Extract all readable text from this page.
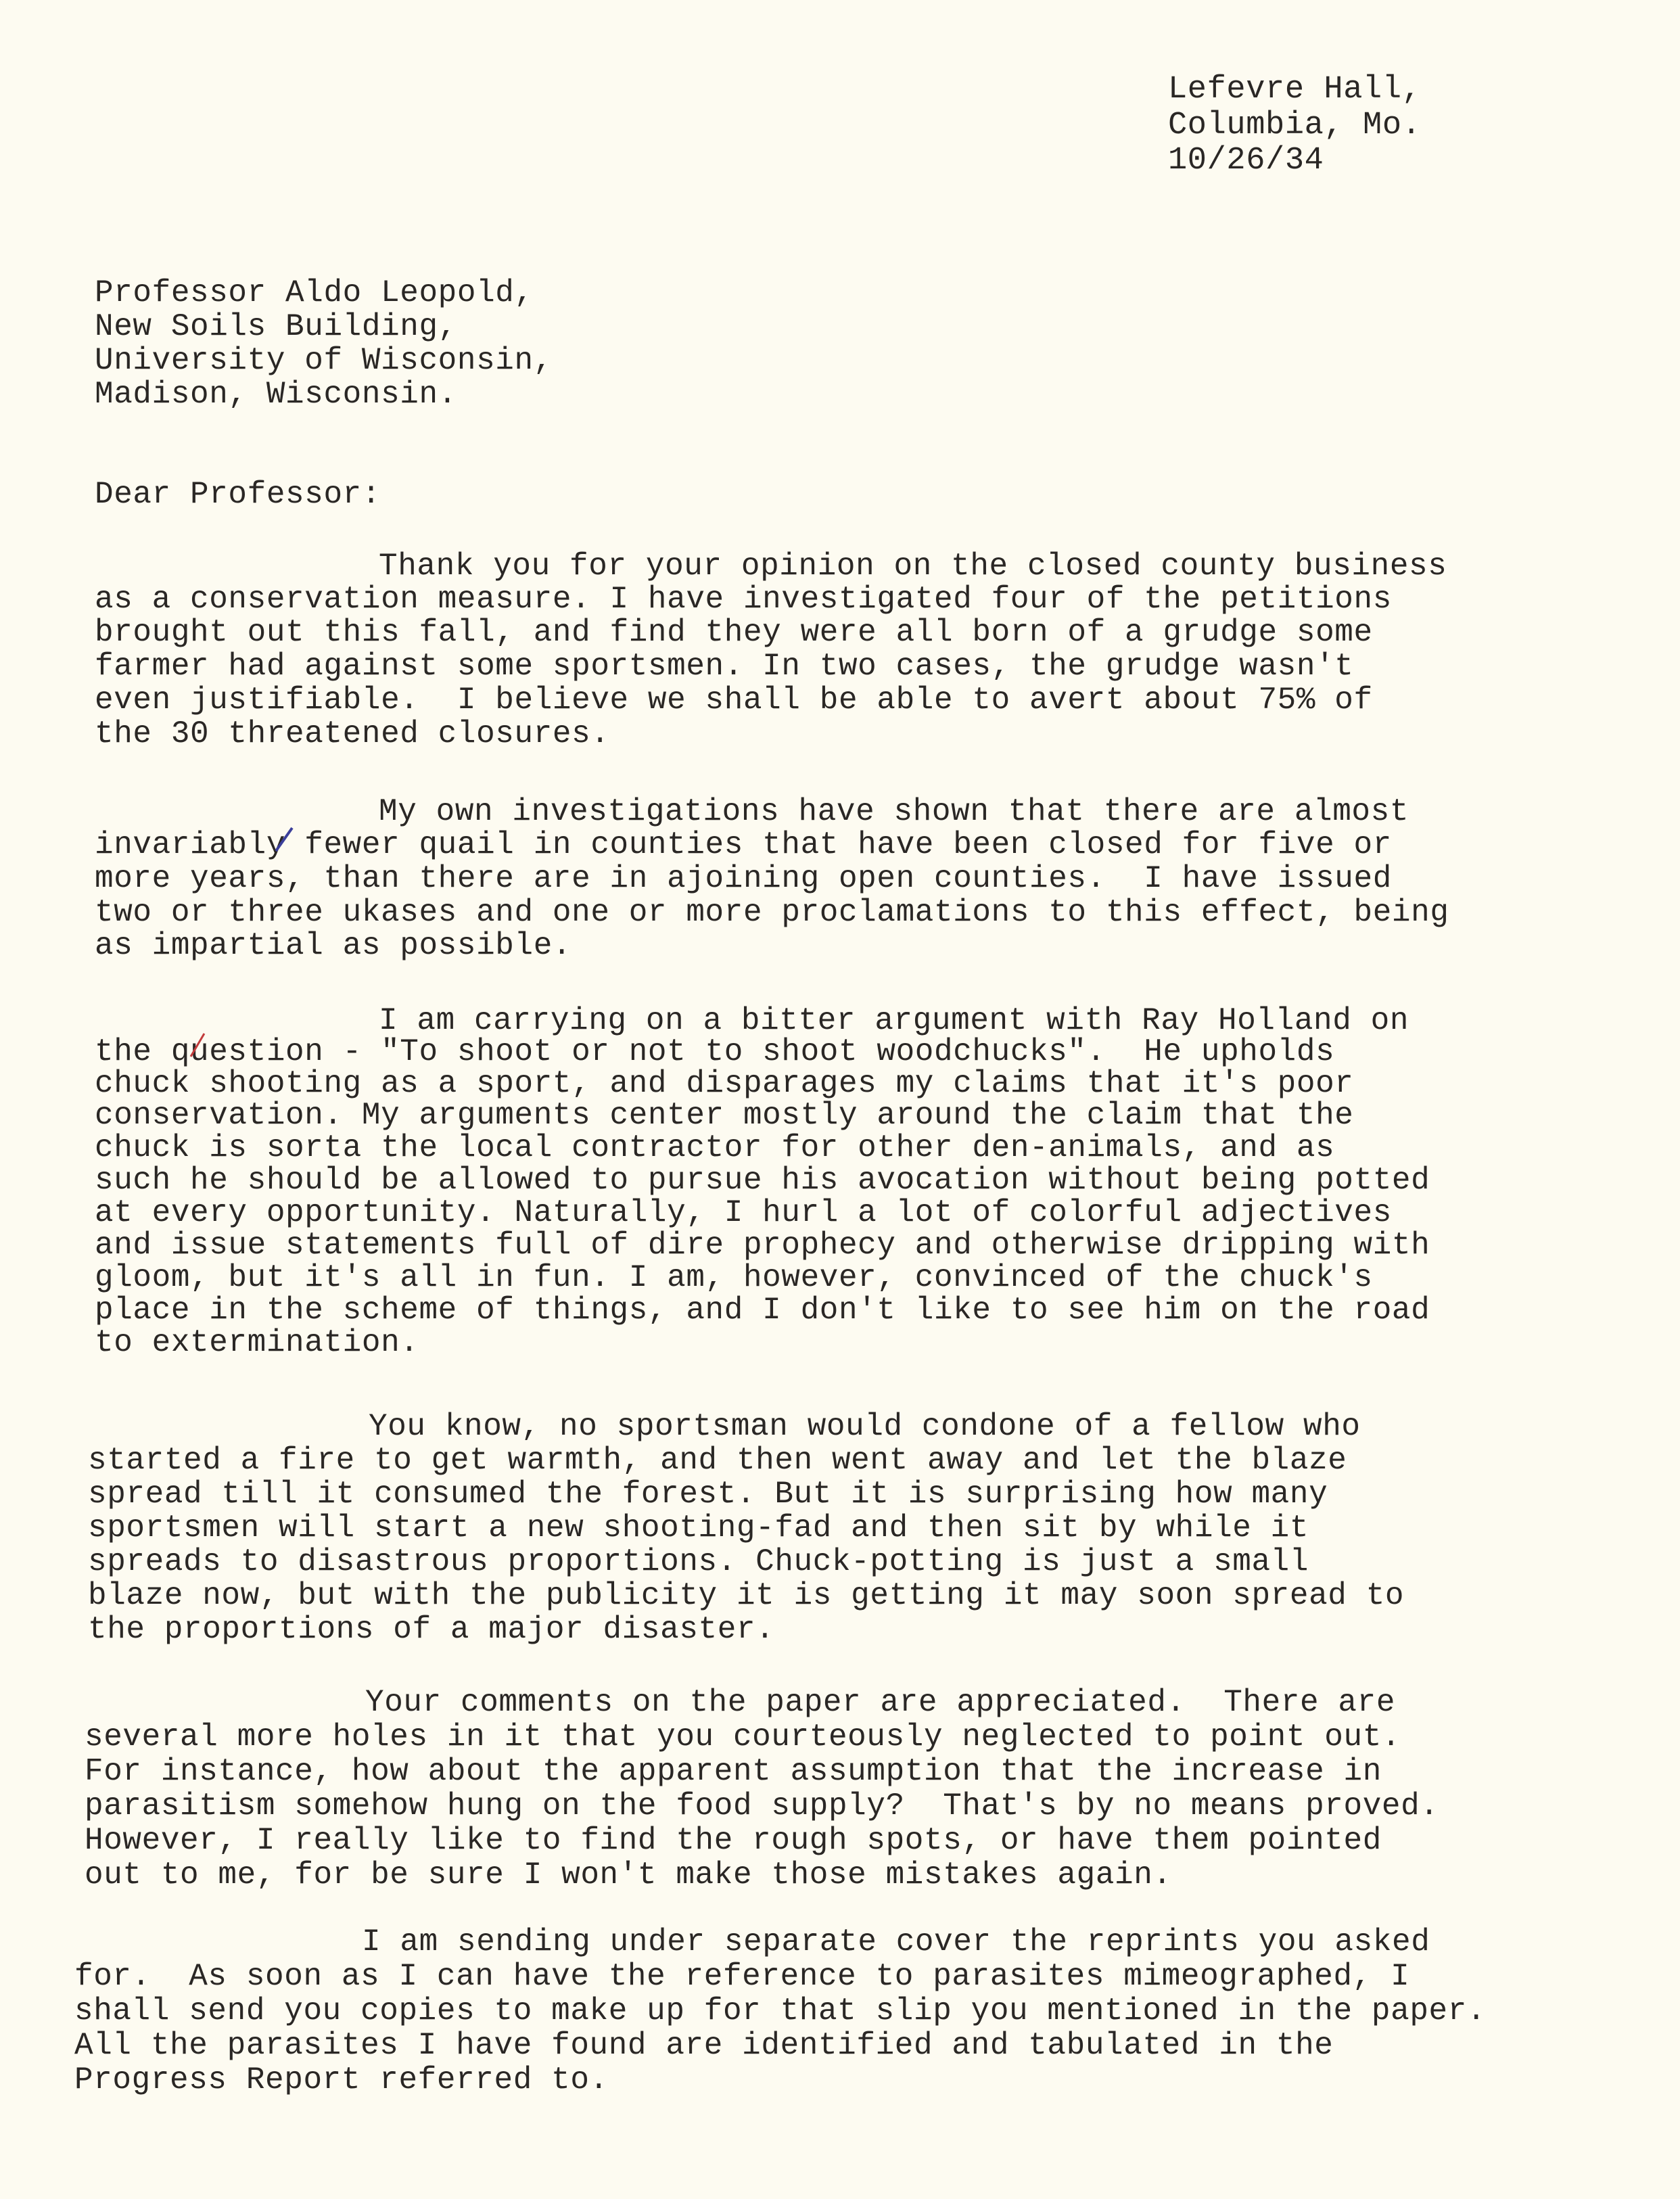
Lefevre Hall,
Columbia, Mo.
10/26/34
Professor Aldo Leopold,
New Soils Building,
University of Wisconsin,
Madison, Wisconsin.
Dear Professor:
Thank you for your opinion on the closed county business
as a conservation measure. I have investigated four of the petitions
brought out this fall, and find they were all born of a grudge some
farmer had against some sportsmen. In two cases, the grudge wasn't
even justifiable.  I believe we shall be able to avert about 75% of
the 30 threatened closures.
My own investigations have shown that there are almost
invariably fewer quail in counties that have been closed for five or
more years, than there are in ajoining open counties.  I have issued
two or three ukases and one or more proclamations to this effect, being
as impartial as possible.
I am carrying on a bitter argument with Ray Holland on
the question - "To shoot or not to shoot woodchucks".  He upholds
chuck shooting as a sport, and disparages my claims that it's poor
conservation. My arguments center mostly around the claim that the
chuck is sorta the local contractor for other den-animals, and as
such he should be allowed to pursue his avocation without being potted
at every opportunity. Naturally, I hurl a lot of colorful adjectives
and issue statements full of dire prophecy and otherwise dripping with
gloom, but it's all in fun. I am, however, convinced of the chuck's
place in the scheme of things, and I don't like to see him on the road
to extermination.
You know, no sportsman would condone of a fellow who
started a fire to get warmth, and then went away and let the blaze
spread till it consumed the forest. But it is surprising how many
sportsmen will start a new shooting-fad and then sit by while it
spreads to disastrous proportions. Chuck-potting is just a small
blaze now, but with the publicity it is getting it may soon spread to
the proportions of a major disaster.
Your comments on the paper are appreciated.  There are
several more holes in it that you courteously neglected to point out.
For instance, how about the apparent assumption that the increase in
parasitism somehow hung on the food supply?  That's by no means proved.
However, I really like to find the rough spots, or have them pointed
out to me, for be sure I won't make those mistakes again.
I am sending under separate cover the reprints you asked
for.  As soon as I can have the reference to parasites mimeographed, I
shall send you copies to make up for that slip you mentioned in the paper.
All the parasites I have found are identified and tabulated in the
Progress Report referred to.
